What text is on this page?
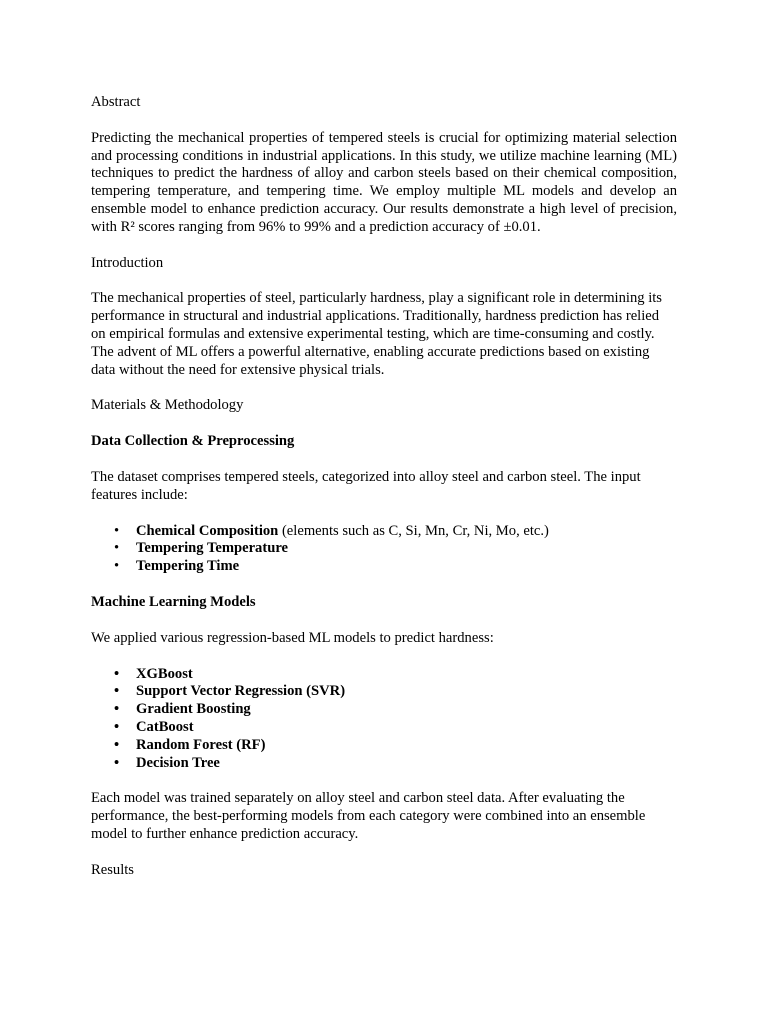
Abstract

Predicting the mechanical properties of tempered steels is crucial for optimizing material selection and processing conditions in industrial applications. In this study, we utilize machine learning (ML) techniques to predict the hardness of alloy and carbon steels based on their chemical composition, tempering temperature, and tempering time. We employ multiple ML models and develop an ensemble model to enhance prediction accuracy. Our results demonstrate a high level of precision, with R² scores ranging from 96% to 99% and a prediction accuracy of ±0.01.

Introduction

The mechanical properties of steel, particularly hardness, play a significant role in determining its performance in structural and industrial applications. Traditionally, hardness prediction has relied on empirical formulas and extensive experimental testing, which are time-consuming and costly. The advent of ML offers a powerful alternative, enabling accurate predictions based on existing data without the need for extensive physical trials.

Materials & Methodology

Data Collection & Preprocessing

The dataset comprises tempered steels, categorized into alloy steel and carbon steel. The input features include:

• Chemical Composition (elements such as C, Si, Mn, Cr, Ni, Mo, etc.)
• Tempering Temperature
• Tempering Time

Machine Learning Models

We applied various regression-based ML models to predict hardness:

• XGBoost
• Support Vector Regression (SVR)
• Gradient Boosting
• CatBoost
• Random Forest (RF)
• Decision Tree

Each model was trained separately on alloy steel and carbon steel data. After evaluating the performance, the best-performing models from each category were combined into an ensemble model to further enhance prediction accuracy.

Results
